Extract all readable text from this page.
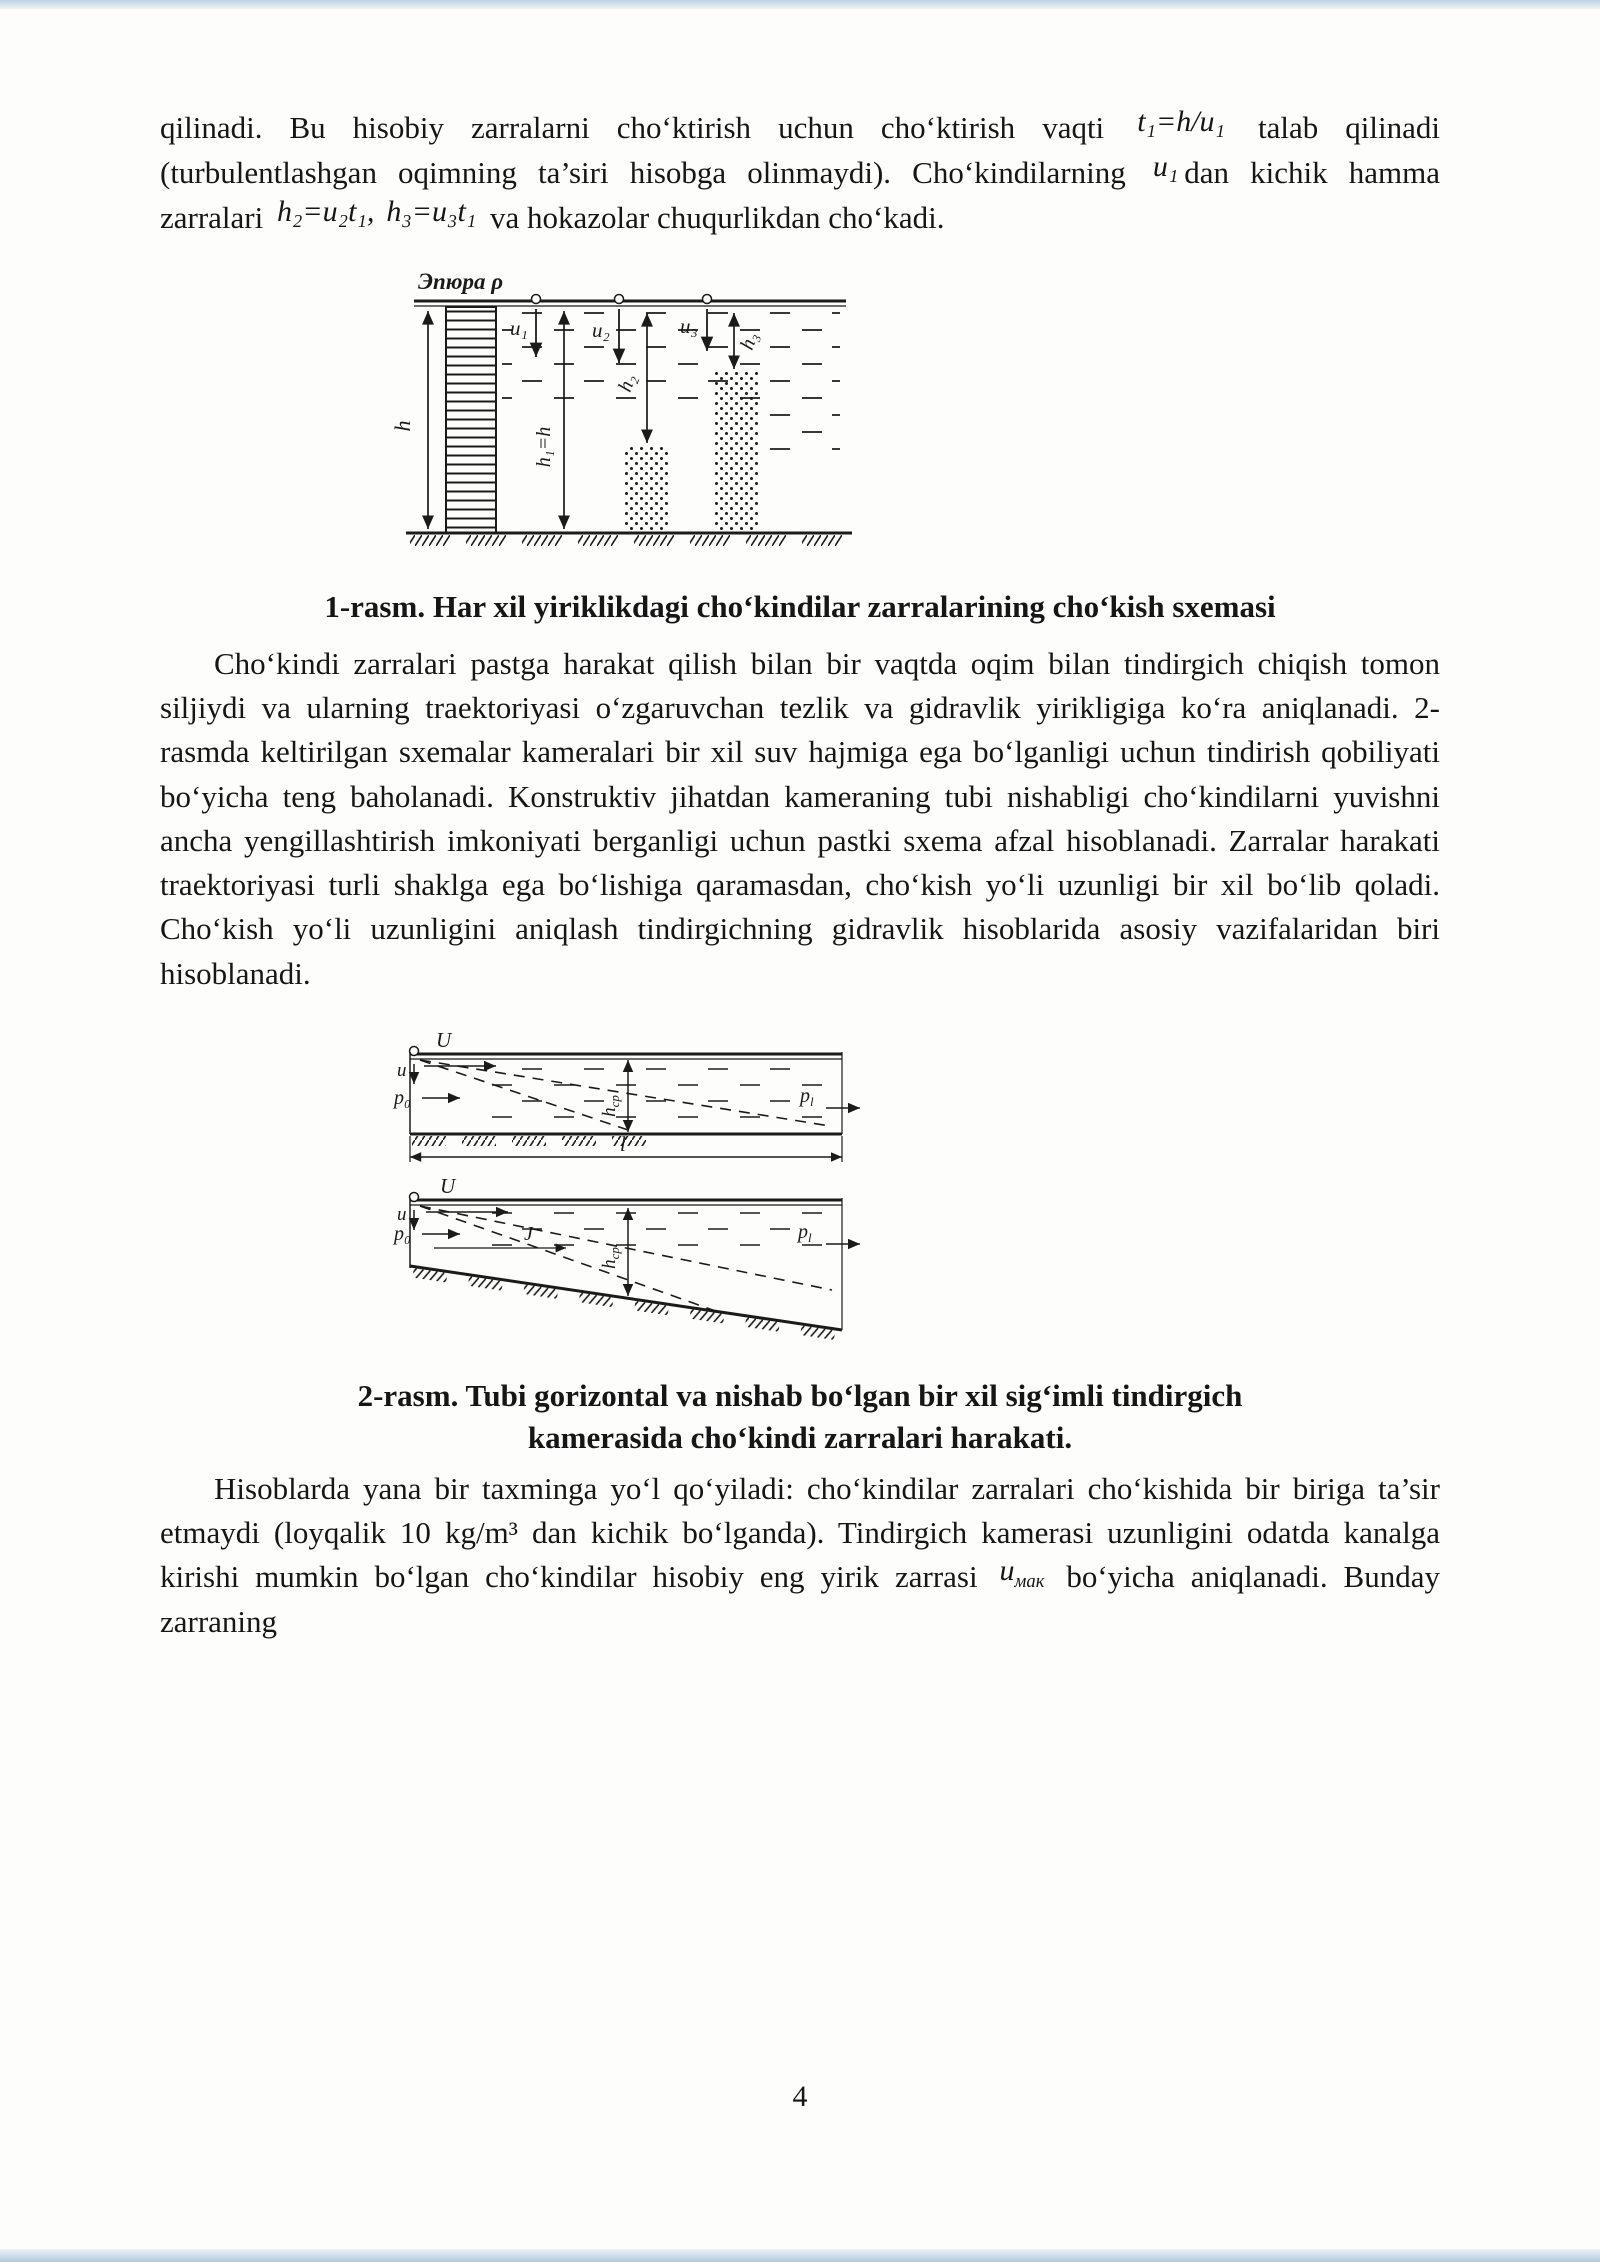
qilinadi. Bu hisobiy zarralarni cho‘ktirish uchun cho‘ktirish vaqti t₁=h/u₁ talab qilinadi (turbulentlashgan oqimning ta’siri hisobga olinmaydi). Cho‘kindilarning u₁ dan kichik hamma zarralari h₂=u₂t₁, h₃=u₃t₁ va hokazolar chuqurlikdan cho‘kadi.

Эпюра ρ
h
u₁
h₁=h
u₂
h₂
u₃
h₃
1-rasm. Har xil yiriklikdagi cho‘kindilar zarralarining cho‘kish sxemasi

Cho‘kindi zarralari pastga harakat qilish bilan bir vaqtda oqim bilan tindirgich chiqish tomon siljiydi va ularning traektoriyasi o‘zgaruvchan tezlik va gidravlik yirikligiga ko‘ra aniqlanadi. 2- rasmda keltirilgan sxemalar kameralari bir xil suv hajmiga ega bo‘lganligi uchun tindirish qobiliyati bo‘yicha teng baholanadi. Konstruktiv jihatdan kameraning tubi nishabligi cho‘kindilarni yuvishni ancha yengillashtirish imkoniyati berganligi uchun pastki sxema afzal hisoblanadi. Zarralar harakati traektoriyasi turli shaklga ega bo‘lishiga qaramasdan, cho‘kish yo‘li uzunligi bir xil bo‘lib qoladi. Cho‘kish yo‘li uzunligini aniqlash tindirgichning gidravlik hisoblarida asosiy vazifalaridan biri hisoblanadi.

U
u
p₀
$h_{ср}$	$p_l$
l
U
u
p₀	J
$h_{ср}$
$p_l$
2-rasm. Tubi gorizontal va nishab bo‘lgan bir xil sig‘imli tindirgich
kamerasida cho‘kindi zarralari harakati.

Hisoblarda yana bir taxminga yo‘l qo‘yiladi: cho‘kindilar zarralari cho‘kishida bir biriga ta’sir etmaydi (loyqalik 10 kg/m³ dan kichik bo‘lganda). Tindirgich kamerasi uzunligini odatda kanalga kirishi mumkin bo‘lgan cho‘kindilar hisobiy eng yirik zarrasi $u_{мак}$ bo‘yicha aniqlanadi. Bunday zarraning

4
